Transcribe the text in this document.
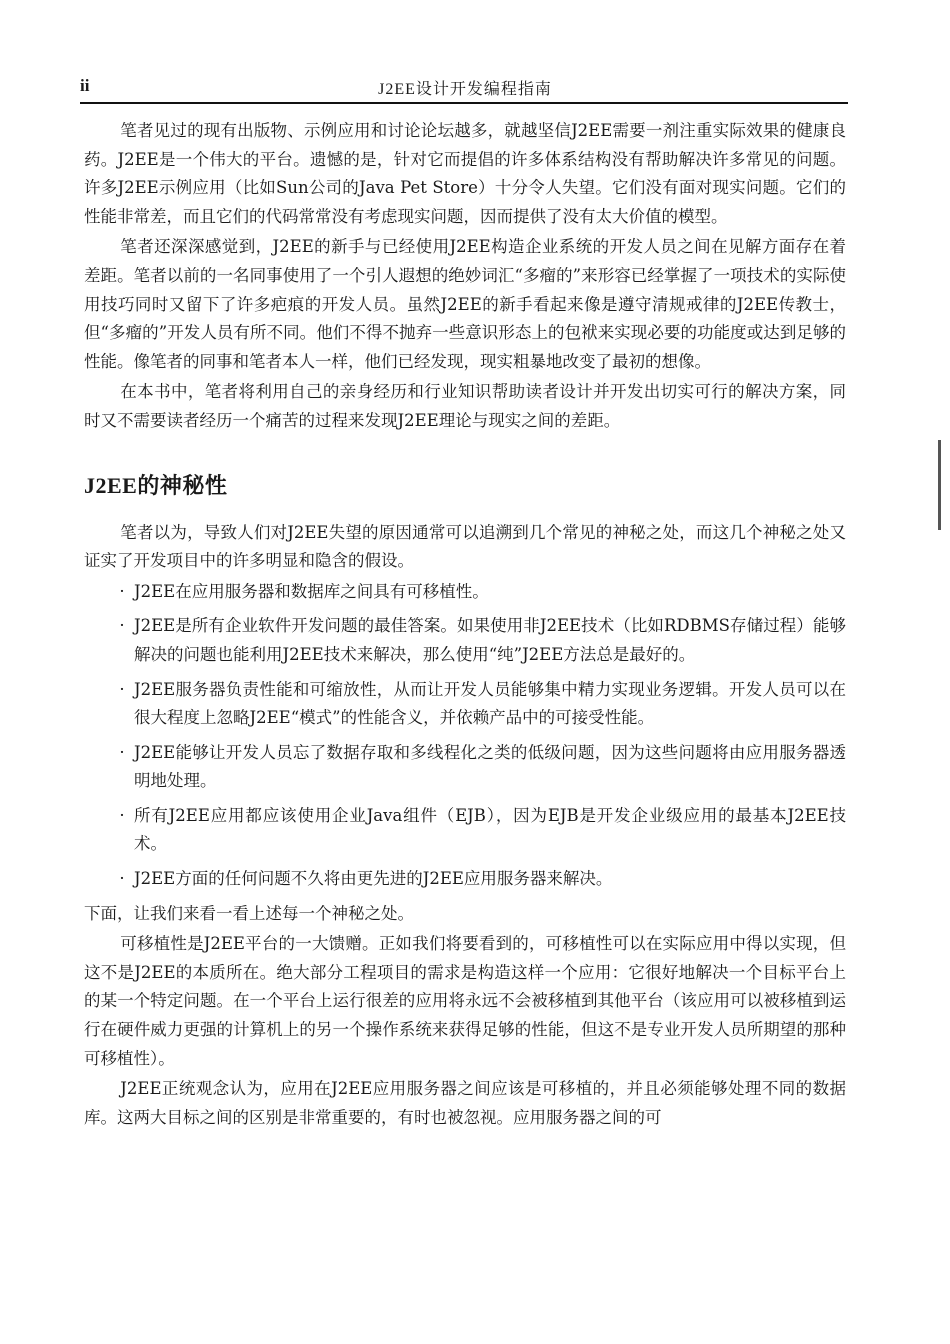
ii	J2EE设计开发编程指南

笔者见过的现有出版物、示例应用和讨论论坛越多，就越坚信J2EE需要一剂注重实际效果的健康良药。J2EE是一个伟大的平台。遗憾的是，针对它而提倡的许多体系结构没有帮助解决许多常见的问题。许多J2EE示例应用（比如Sun公司的Java Pet Store）十分令人失望。它们没有面对现实问题。它们的性能非常差，而且它们的代码常常没有考虑现实问题，因而提供了没有太大价值的模型。

笔者还深深感觉到，J2EE的新手与已经使用J2EE构造企业系统的开发人员之间在见解方面存在着差距。笔者以前的一名同事使用了一个引人遐想的绝妙词汇“多瘤的”来形容已经掌握了一项技术的实际使用技巧同时又留下了许多疤痕的开发人员。虽然J2EE的新手看起来像是遵守清规戒律的J2EE传教士，但“多瘤的”开发人员有所不同。他们不得不抛弃一些意识形态上的包袱来实现必要的功能度或达到足够的性能。像笔者的同事和笔者本人一样，他们已经发现，现实粗暴地改变了最初的想像。

在本书中，笔者将利用自己的亲身经历和行业知识帮助读者设计并开发出切实可行的解决方案，同时又不需要读者经历一个痛苦的过程来发现J2EE理论与现实之间的差距。

J2EE的神秘性

笔者以为，导致人们对J2EE失望的原因通常可以追溯到几个常见的神秘之处，而这几个神秘之处又证实了开发项目中的许多明显和隐含的假设。

· J2EE在应用服务器和数据库之间具有可移植性。
· J2EE是所有企业软件开发问题的最佳答案。如果使用非J2EE技术（比如RDBMS存储过程）能够解决的问题也能利用J2EE技术来解决，那么使用“纯”J2EE方法总是最好的。
· J2EE服务器负责性能和可缩放性，从而让开发人员能够集中精力实现业务逻辑。开发人员可以在很大程度上忽略J2EE“模式”的性能含义，并依赖产品中的可接受性能。
· J2EE能够让开发人员忘了数据存取和多线程化之类的低级问题，因为这些问题将由应用服务器透明地处理。
· 所有J2EE应用都应该使用企业Java组件（EJB），因为EJB是开发企业级应用的最基本J2EE技术。
· J2EE方面的任何问题不久将由更先进的J2EE应用服务器来解决。

下面，让我们来看一看上述每一个神秘之处。

可移植性是J2EE平台的一大馈赠。正如我们将要看到的，可移植性可以在实际应用中得以实现，但这不是J2EE的本质所在。绝大部分工程项目的需求是构造这样一个应用：它很好地解决一个目标平台上的某一个特定问题。在一个平台上运行很差的应用将永远不会被移植到其他平台（该应用可以被移植到运行在硬件威力更强的计算机上的另一个操作系统来获得足够的性能，但这不是专业开发人员所期望的那种可移植性）。

J2EE正统观念认为，应用在J2EE应用服务器之间应该是可移植的，并且必须能够处理不同的数据库。这两大目标之间的区别是非常重要的，有时也被忽视。应用服务器之间的可
